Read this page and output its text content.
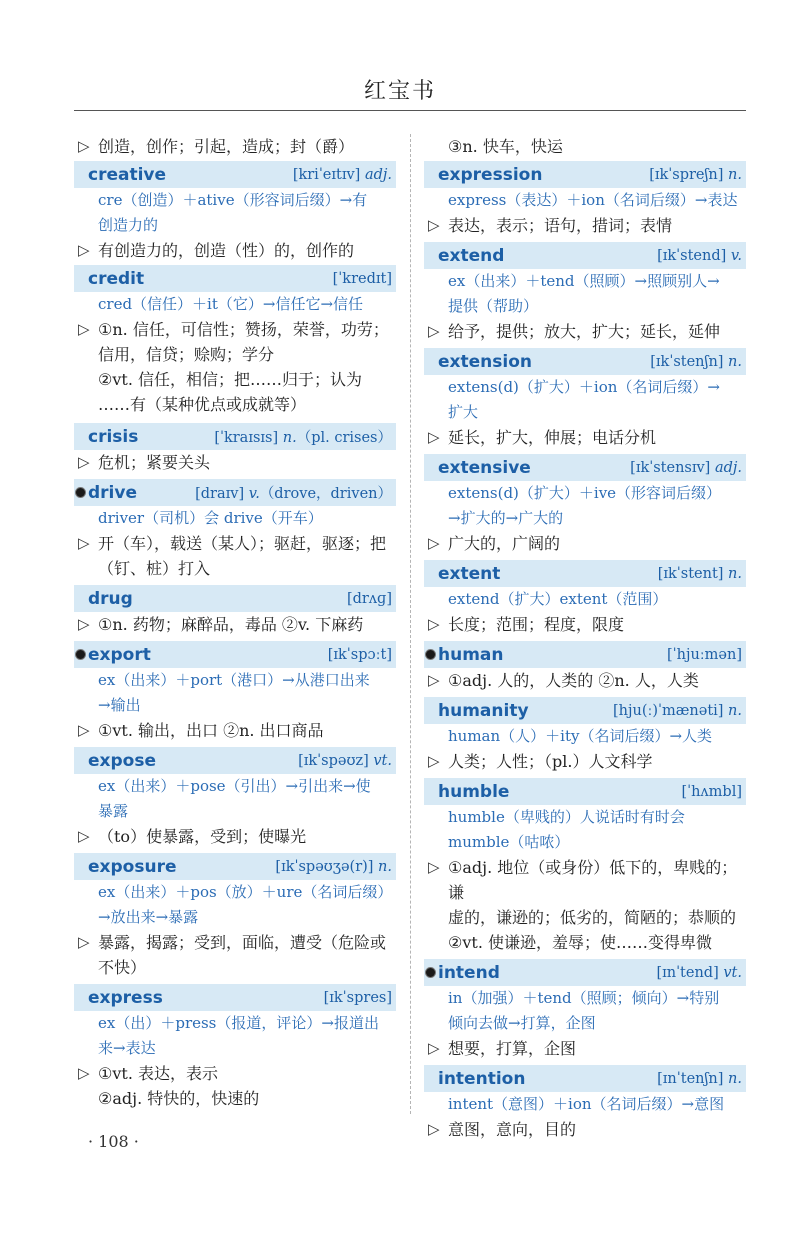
红宝书

▷ 创造，创作；引起，造成；封（爵）

creative	[kriˈeɪtɪv] adj.

cre（创造）＋ative（形容词后缀）→有

创造力的

▷ 有创造力的，创造（性）的，创作的

credit	[ˈkredɪt]

cred（信任）＋it（它）→信任它→信任

▷ ①n. 信任，可信性；赞扬，荣誉，功劳；

信用，信贷；赊购；学分

②vt. 信任，相信；把……归于；认为

……有（某种优点或成就等）

crisis	[ˈkraɪsɪs] n.（pl. crises）

▷ 危机；紧要关头

drive	[draɪv] v.（drove，driven）

driver（司机）会 drive（开车）

▷ 开（车），载送（某人）；驱赶，驱逐；把

（钉、桩）打入

drug	[drʌɡ]

▷ ①n. 药物；麻醉品，毒品 ②v. 下麻药

export	[ɪkˈspɔːt]

ex（出来）＋port（港口）→从港口出来

→输出

▷ ①vt. 输出，出口 ②n. 出口商品

expose	[ɪkˈspəʊz] vt.

ex（出来）＋pose（引出）→引出来→使

暴露

▷ （to）使暴露，受到；使曝光

exposure	[ɪkˈspəʊʒə(r)] n.

ex（出来）＋pos（放）＋ure（名词后缀）

→放出来→暴露

▷ 暴露，揭露；受到，面临，遭受（危险或

不快）

express	[ɪkˈspres]

ex（出）＋press（报道，评论）→报道出

来→表达

▷ ①vt. 表达，表示

②adj. 特快的，快速的

③n. 快车，快运

expression	[ɪkˈspreʃn] n.

express（表达）＋ion（名词后缀）→表达

▷ 表达，表示；语句，措词；表情

extend	[ɪkˈstend] v.

ex（出来）＋tend（照顾）→照顾别人→

提供（帮助）

▷ 给予，提供；放大，扩大；延长，延伸

extension	[ɪkˈstenʃn] n.

extens(d)（扩大）＋ion（名词后缀）→

扩大

▷ 延长，扩大，伸展；电话分机

extensive	[ɪkˈstensɪv] adj.

extens(d)（扩大）＋ive（形容词后缀）

→扩大的→广大的

▷ 广大的，广阔的

extent	[ɪkˈstent] n.

extend（扩大）extent（范围）

▷ 长度；范围；程度，限度

human	[ˈhjuːmən]

▷ ①adj. 人的，人类的 ②n. 人，人类

humanity	[hju(ː)ˈmænəti] n.

human（人）＋ity（名词后缀）→人类

▷ 人类；人性；（pl.）人文科学

humble	[ˈhʌmbl]

humble（卑贱的）人说话时有时会

mumble（咕哝）

▷ ①adj. 地位（或身份）低下的，卑贱的；谦

虚的，谦逊的；低劣的，简陋的；恭顺的

②vt. 使谦逊，羞辱；使……变得卑微

intend	[ɪnˈtend] vt.

in（加强）＋tend（照顾；倾向）→特别

倾向去做→打算，企图

▷ 想要，打算，企图

intention	[ɪnˈtenʃn] n.

intent（意图）＋ion（名词后缀）→意图

▷ 意图，意向，目的

· 108 ·
